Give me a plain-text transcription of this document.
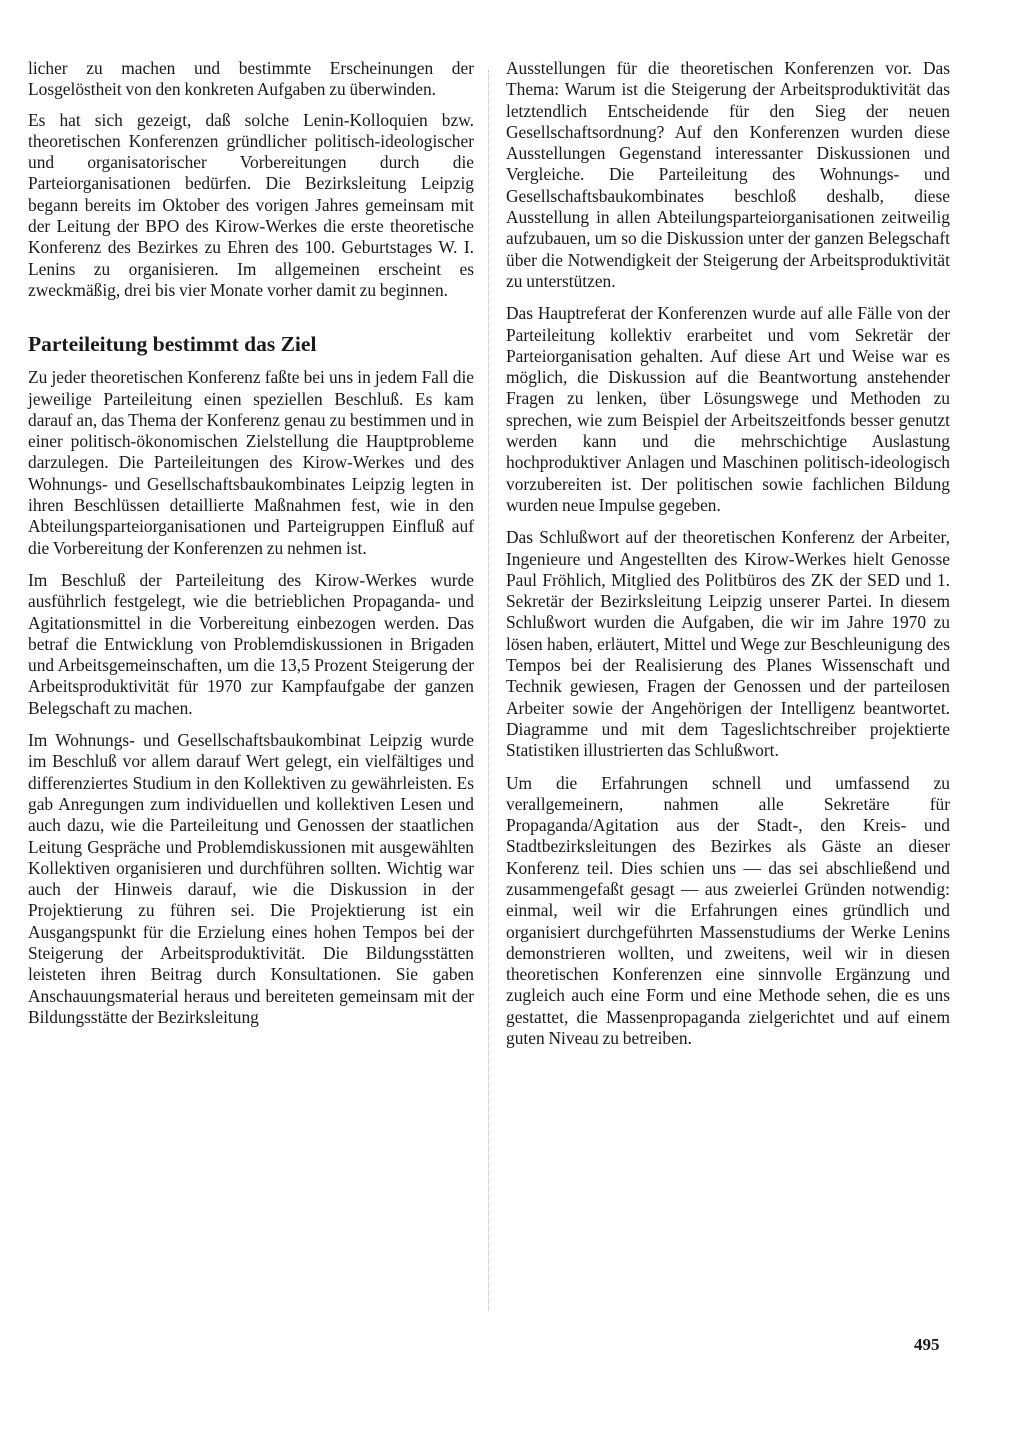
licher zu machen und bestimmte Erscheinungen der Losgelöstheit von den konkreten Aufgaben zu überwinden.

Es hat sich gezeigt, daß solche Lenin-Kolloquien bzw. theoretischen Konferenzen gründlicher politisch-ideologischer und organisatorischer Vorbereitungen durch die Parteiorganisationen bedürfen. Die Bezirksleitung Leipzig begann bereits im Oktober des vorigen Jahres gemeinsam mit der Leitung der BPO des Kirow-Werkes die erste theoretische Konferenz des Bezirkes zu Ehren des 100. Geburtstages W. I. Lenins zu organisieren. Im allgemeinen erscheint es zweckmäßig, drei bis vier Monate vorher damit zu beginnen.

Parteileitung bestimmt das Ziel

Zu jeder theoretischen Konferenz faßte bei uns in jedem Fall die jeweilige Parteileitung einen speziellen Beschluß. Es kam darauf an, das Thema der Konferenz genau zu bestimmen und in einer politisch-ökonomischen Zielstellung die Hauptprobleme darzulegen. Die Parteileitungen des Kirow-Werkes und des Wohnungs- und Gesellschaftsbaukombinates Leipzig legten in ihren Beschlüssen detaillierte Maßnahmen fest, wie in den Abteilungsparteiorganisationen und Parteigruppen Einfluß auf die Vorbereitung der Konferenzen zu nehmen ist.

Im Beschluß der Parteileitung des Kirow-Werkes wurde ausführlich festgelegt, wie die betrieblichen Propaganda- und Agitationsmittel in die Vorbereitung einbezogen werden. Das betraf die Entwicklung von Problemdiskussionen in Brigaden und Arbeitsgemeinschaften, um die 13,5 Prozent Steigerung der Arbeitsproduktivität für 1970 zur Kampfaufgabe der ganzen Belegschaft zu machen.

Im Wohnungs- und Gesellschaftsbaukombinat Leipzig wurde im Beschluß vor allem darauf Wert gelegt, ein vielfältiges und differenziertes Studium in den Kollektiven zu gewährleisten. Es gab Anregungen zum individuellen und kollektiven Lesen und auch dazu, wie die Parteileitung und Genossen der staatlichen Leitung Gespräche und Problemdiskussionen mit ausgewählten Kollektiven organisieren und durchführen sollten. Wichtig war auch der Hinweis darauf, wie die Diskussion in der Projektierung zu führen sei. Die Projektierung ist ein Ausgangspunkt für die Erzielung eines hohen Tempos bei der Steigerung der Arbeitsproduktivität. Die Bildungsstätten leisteten ihren Beitrag durch Konsultationen. Sie gaben Anschauungsmaterial heraus und bereiteten gemeinsam mit der Bildungsstätte der Bezirksleitung

Ausstellungen für die theoretischen Konferenzen vor. Das Thema: Warum ist die Steigerung der Arbeitsproduktivität das letztendlich Entscheidende für den Sieg der neuen Gesellschaftsordnung? Auf den Konferenzen wurden diese Ausstellungen Gegenstand interessanter Diskussionen und Vergleiche. Die Parteileitung des Wohnungs- und Gesellschaftsbaukombinates beschloß deshalb, diese Ausstellung in allen Abteilungsparteiorganisationen zeitweilig aufzubauen, um so die Diskussion unter der ganzen Belegschaft über die Notwendigkeit der Steigerung der Arbeitsproduktivität zu unterstützen.

Das Hauptreferat der Konferenzen wurde auf alle Fälle von der Parteileitung kollektiv erarbeitet und vom Sekretär der Parteiorganisation gehalten. Auf diese Art und Weise war es möglich, die Diskussion auf die Beantwortung anstehender Fragen zu lenken, über Lösungswege und Methoden zu sprechen, wie zum Beispiel der Arbeitszeitfonds besser genutzt werden kann und die mehrschichtige Auslastung hochproduktiver Anlagen und Maschinen politisch-ideologisch vorzubereiten ist. Der politischen sowie fachlichen Bildung wurden neue Impulse gegeben.

Das Schlußwort auf der theoretischen Konferenz der Arbeiter, Ingenieure und Angestellten des Kirow-Werkes hielt Genosse Paul Fröhlich, Mitglied des Politbüros des ZK der SED und 1. Sekretär der Bezirksleitung Leipzig unserer Partei. In diesem Schlußwort wurden die Aufgaben, die wir im Jahre 1970 zu lösen haben, erläutert, Mittel und Wege zur Beschleunigung des Tempos bei der Realisierung des Planes Wissenschaft und Technik gewiesen, Fragen der Genossen und der parteilosen Arbeiter sowie der Angehörigen der Intelligenz beantwortet. Diagramme und mit dem Tageslichtschreiber projektierte Statistiken illustrierten das Schlußwort.

Um die Erfahrungen schnell und umfassend zu verallgemeinern, nahmen alle Sekretäre für Propaganda/Agitation aus der Stadt-, den Kreis- und Stadtbezirksleitungen des Bezirkes als Gäste an dieser Konferenz teil. Dies schien uns — das sei abschließend und zusammengefaßt gesagt — aus zweierlei Gründen notwendig: einmal, weil wir die Erfahrungen eines gründlich und organisiert durchgeführten Massenstudiums der Werke Lenins demonstrieren wollten, und zweitens, weil wir in diesen theoretischen Konferenzen eine sinnvolle Ergänzung und zugleich auch eine Form und eine Methode sehen, die es uns gestattet, die Massenpropaganda zielgerichtet und auf einem guten Niveau zu betreiben.

495
